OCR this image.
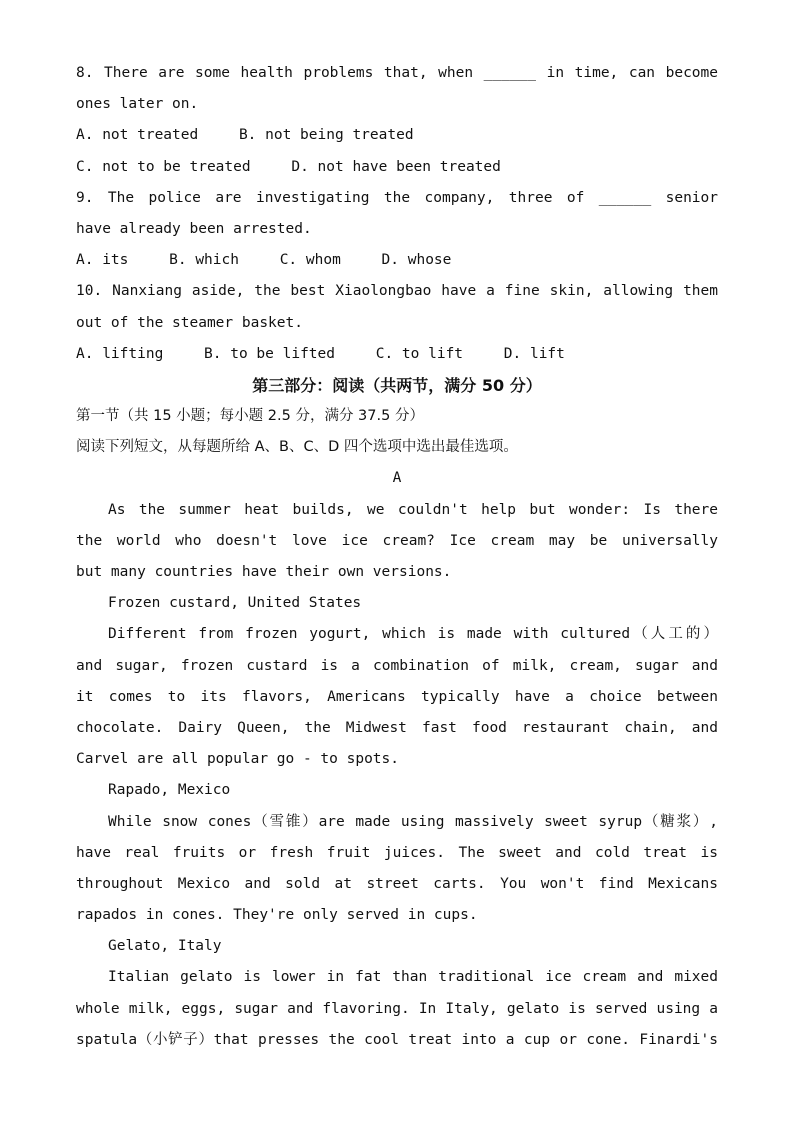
8. There are some health problems that, when ______ in time, can become
ones later on.
A. not treated	B. not being treated
C. not to be treated	D. not have been treated
9. The police are investigating the company, three of ______ senior
have already been arrested.
A. its	B. which	C. whom	D. whose
10. Nanxiang aside, the best Xiaolongbao have a fine skin, allowing them
out of the steamer basket.
A. lifting	B. to be lifted	C. to lift	D. lift
第三部分：阅读（共两节，满分 50 分）
第一节（共 15 小题；每小题 2.5 分，满分 37.5 分）
阅读下列短文，从每题所给 A、B、C、D 四个选项中选出最佳选项。
A
As the summer heat builds, we couldn't help but wonder: Is there
the world who doesn't love ice cream? Ice cream may be universally
but many countries have their own versions.
Frozen custard, United States
Different from frozen yogurt, which is made with cultured（人工的）
and sugar, frozen custard is a combination of milk, cream, sugar and
it comes to its flavors, Americans typically have a choice between
chocolate. Dairy Queen, the Midwest fast food restaurant chain, and
Carvel are all popular go - to spots.
Rapado, Mexico
While snow cones（雪锥）are made using massively sweet syrup（糖浆）,
have real fruits or fresh fruit juices. The sweet and cold treat is
throughout Mexico and sold at street carts. You won't find Mexicans
rapados in cones. They're only served in cups.
Gelato, Italy
Italian gelato is lower in fat than traditional ice cream and mixed
whole milk, eggs, sugar and flavoring. In Italy, gelato is served using a
spatula（小铲子）that presses the cool treat into a cup or cone. Finardi's
